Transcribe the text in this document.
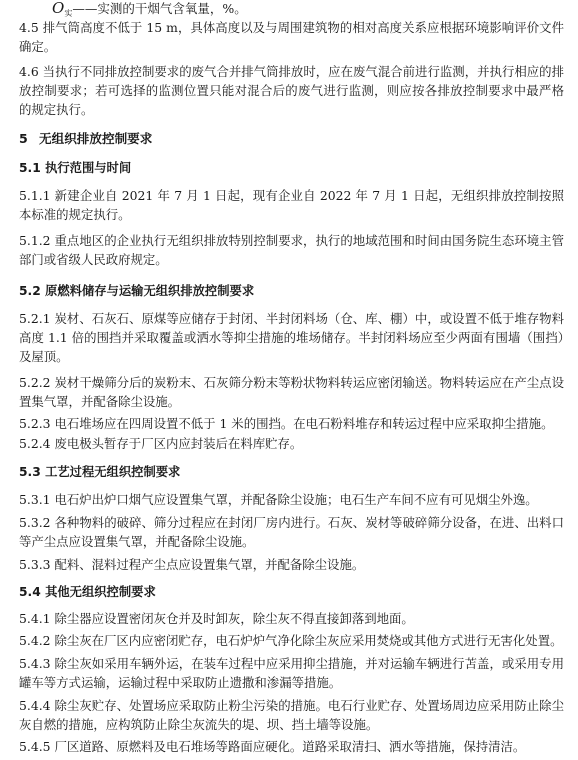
$O_实——$实测的干烟气含氧量，%。
4.5 排气筒高度不低于 15 m，具体高度以及与周围建筑物的相对高度关系应根据环境影响评价文件确定。
4.6 当执行不同排放控制要求的废气合并排气筒排放时，应在废气混合前进行监测，并执行相应的排放控制要求；若可选择的监测位置只能对混合后的废气进行监测，则应按各排放控制要求中最严格的规定执行。
5 无组织排放控制要求
5.1 执行范围与时间
5.1.1 新建企业自 2021 年 7 月 1 日起，现有企业自 2022 年 7 月 1 日起，无组织排放控制按照本标准的规定执行。
5.1.2 重点地区的企业执行无组织排放特别控制要求，执行的地域范围和时间由国务院生态环境主管部门或省级人民政府规定。
5.2 原燃料储存与运输无组织排放控制要求
5.2.1 炭材、石灰石、原煤等应储存于封闭、半封闭料场（仓、库、棚）中，或设置不低于堆存物料高度 1.1 倍的围挡并采取覆盖或洒水等抑尘措施的堆场储存。半封闭料场应至少两面有围墙（围挡）及屋顶。
5.2.2 炭材干燥筛分后的炭粉末、石灰筛分粉末等粉状物料转运应密闭输送。物料转运应在产尘点设置集气罩，并配备除尘设施。
5.2.3 电石堆场应在四周设置不低于 1 米的围挡。在电石粉料堆存和转运过程中应采取抑尘措施。
5.2.4 废电极头暂存于厂区内应封装后在料库贮存。
5.3 工艺过程无组织控制要求
5.3.1 电石炉出炉口烟气应设置集气罩，并配备除尘设施；电石生产车间不应有可见烟尘外逸。
5.3.2 各种物料的破碎、筛分过程应在封闭厂房内进行。石灰、炭材等破碎筛分设备，在进、出料口等产尘点应设置集气罩，并配备除尘设施。
5.3.3 配料、混料过程产尘点应设置集气罩，并配备除尘设施。
5.4 其他无组织控制要求
5.4.1 除尘器应设置密闭灰仓并及时卸灰，除尘灰不得直接卸落到地面。
5.4.2 除尘灰在厂区内应密闭贮存，电石炉炉气净化除尘灰应采用焚烧或其他方式进行无害化处置。
5.4.3 除尘灰如采用车辆外运，在装车过程中应采用抑尘措施，并对运输车辆进行苫盖，或采用专用罐车等方式运输，运输过程中采取防止遗撒和渗漏等措施。
5.4.4 除尘灰贮存、处置场应采取防止粉尘污染的措施。电石行业贮存、处置场周边应采用防止除尘灰自燃的措施，应构筑防止除尘灰流失的堤、坝、挡土墙等设施。
5.4.5 厂区道路、原燃料及电石堆场等路面应硬化。道路采取清扫、洒水等措施，保持清洁。
